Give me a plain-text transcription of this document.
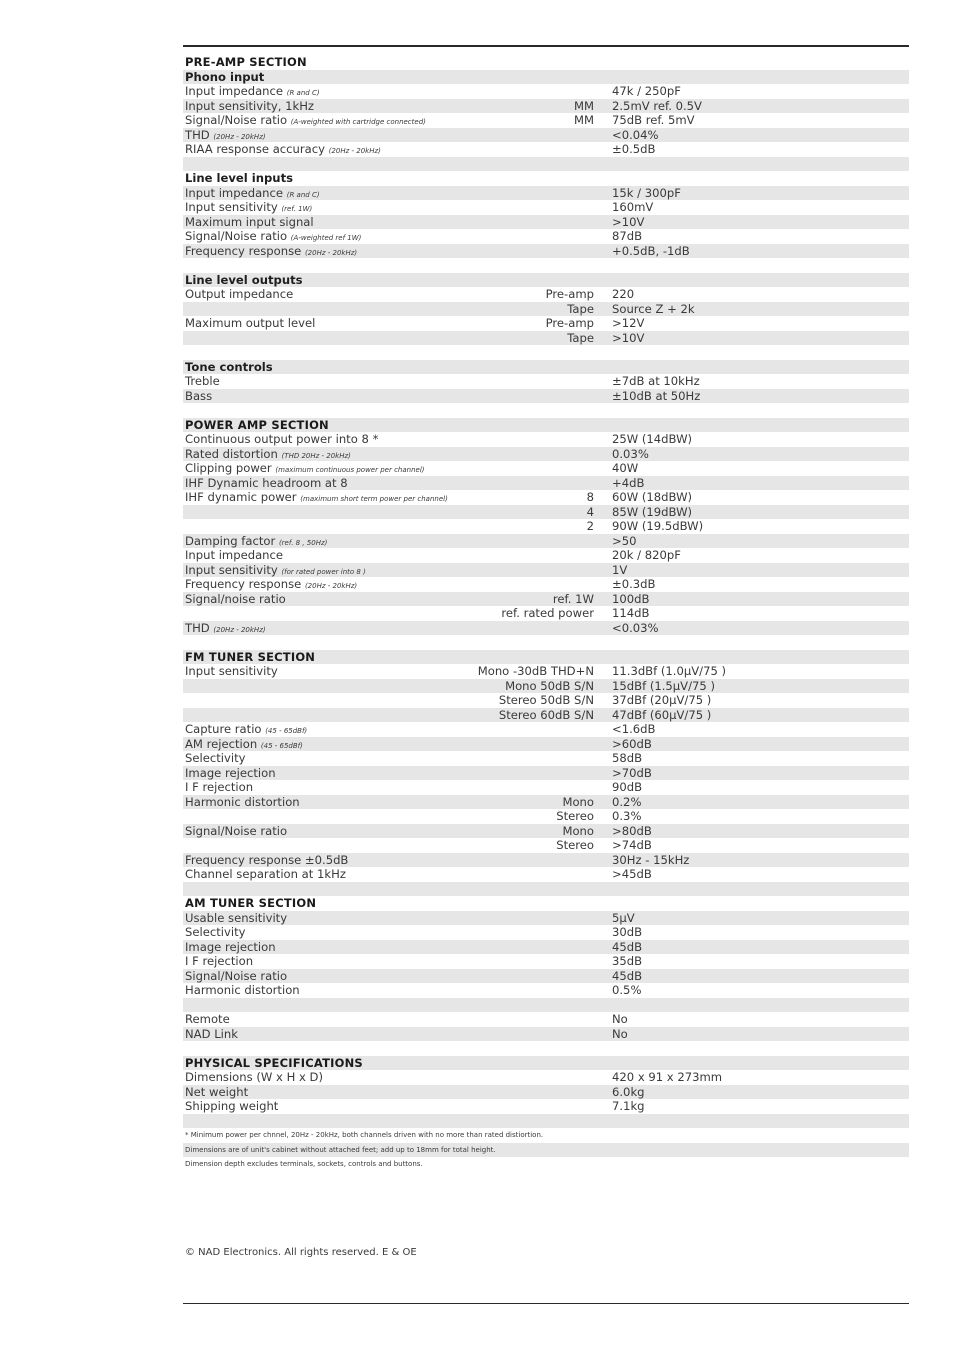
PRE-AMP SECTION
Phono input
Input impedance (R and C)	47k / 250pF
Input sensitivity, 1kHz	MM 2.5mV ref. 0.5V
Signal/Noise ratio (A-weighted with cartridge connected)	MM 75dB ref. 5mV
THD (20Hz - 20kHz)	<0.04%
RIAA response accuracy (20Hz - 20kHz)	±0.5dB
Line level inputs
Input impedance (R and C)	15k / 300pF
Input sensitivity (ref. 1W)	160mV
Maximum input signal	>10V
Signal/Noise ratio (A-weighted ref 1W)	87dB
Frequency response (20Hz - 20kHz)	+0.5dB, -1dB
Line level outputs
Output impedance	Pre-amp 220
Tape Source Z + 2k
Maximum output level	Pre-amp >12V
Tape >10V
Tone controls
Treble	±7dB at 10kHz
Bass	±10dB at 50Hz
POWER AMP SECTION
Continuous output power into 8 *	25W (14dBW)
Rated distortion (THD 20Hz - 20kHz)	0.03%
Clipping power (maximum continuous power per channel)	40W
IHF Dynamic headroom at 8	+4dB
IHF dynamic power (maximum short term power per channel)	8 60W (18dBW)
4 85W (19dBW)
2 90W (19.5dBW)
Damping factor (ref. 8 , 50Hz)	>50
Input impedance	20k / 820pF
Input sensitivity (for rated power into 8 )	1V
Frequency response (20Hz - 20kHz)	±0.3dB
Signal/noise ratio	ref. 1W 100dB
ref. rated power 114dB
THD (20Hz - 20kHz)	<0.03%
FM TUNER SECTION
Input sensitivity	Mono -30dB THD+N 11.3dBf (1.0µV/75 )
Mono 50dB S/N 15dBf (1.5µV/75 )
Stereo 50dB S/N 37dBf (20µV/75 )
Stereo 60dB S/N 47dBf (60µV/75 )
Capture ratio (45 - 65dBf)	<1.6dB
AM rejection (45 - 65dBf)	>60dB
Selectivity	58dB
Image rejection	>70dB
I F rejection	90dB
Harmonic distortion	Mono 0.2%
Stereo 0.3%
Signal/Noise ratio	Mono >80dB
Stereo >74dB
Frequency response ±0.5dB	30Hz - 15kHz
Channel separation at 1kHz	>45dB
AM TUNER SECTION
Usable sensitivity	5µV
Selectivity	30dB
Image rejection	45dB
I F rejection	35dB
Signal/Noise ratio	45dB
Harmonic distortion	0.5%
Remote	No
NAD Link	No
PHYSICAL SPECIFICATIONS
Dimensions (W x H x D)	420 x 91 x 273mm
Net weight	6.0kg
Shipping weight	7.1kg
* Minimum power per chnnel, 20Hz - 20kHz, both channels driven with no more than rated distiortion.
Dimensions are of unit's cabinet without attached feet; add up to 18mm for total height.
Dimension depth excludes terminals, sockets, controls and buttons.
© NAD Electronics. All rights reserved. E & OE
